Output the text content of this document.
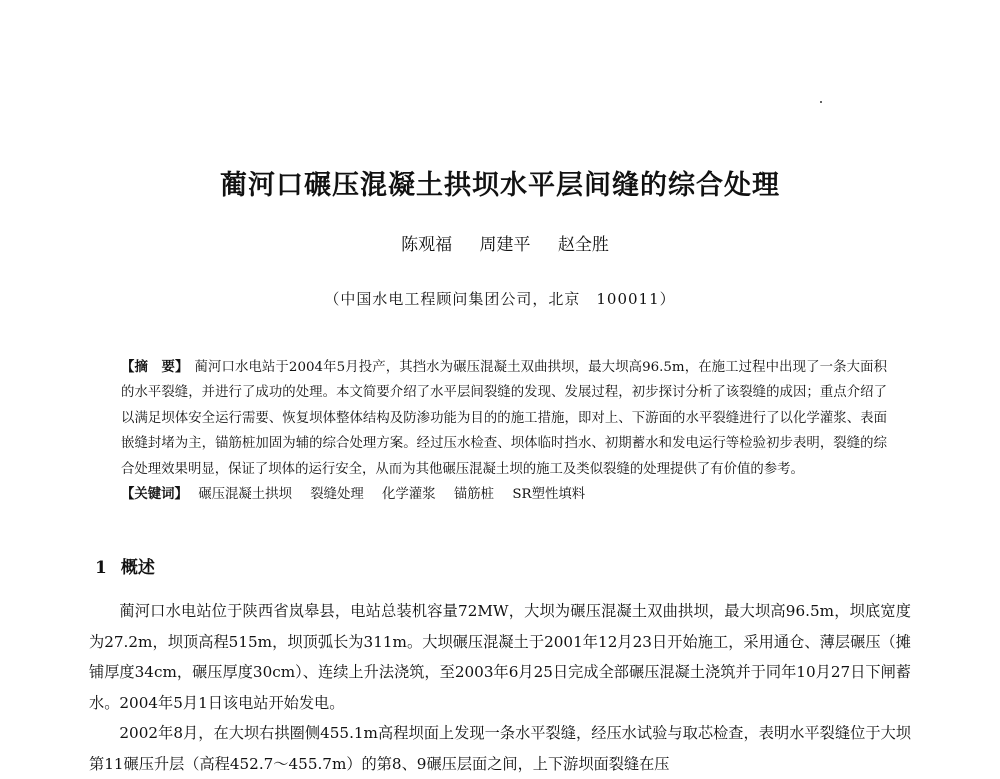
蔺河口碾压混凝土拱坝水平层间缝的综合处理
陈观福 周建平 赵全胜
（中国水电工程顾问集团公司，北京　100011）

【摘　要】 蔺河口水电站于2004年5月投产，其挡水为碾压混凝土双曲拱坝，最大坝高96.5m，在施工过程中出现了一条大面积的水平裂缝，并进行了成功的处理。本文简要介绍了水平层间裂缝的发现、发展过程，初步探讨分析了该裂缝的成因；重点介绍了以满足坝体安全运行需要、恢复坝体整体结构及防渗功能为目的的施工措施，即对上、下游面的水平裂缝进行了以化学灌浆、表面嵌缝封堵为主，锚筋桩加固为辅的综合处理方案。经过压水检查、坝体临时挡水、初期蓄水和发电运行等检验初步表明，裂缝的综合处理效果明显，保证了坝体的运行安全，从而为其他碾压混凝土坝的施工及类似裂缝的处理提供了有价值的参考。

【关键词】 碾压混凝土拱坝 裂缝处理 化学灌浆 锚筋桩 SR塑性填料

1 概述

蔺河口水电站位于陕西省岚皋县，电站总装机容量72MW，大坝为碾压混凝土双曲拱坝，最大坝高96.5m，坝底宽度为27.2m，坝顶高程515m，坝顶弧长为311m。大坝碾压混凝土于2001年12月23日开始施工，采用通仓、薄层碾压（摊铺厚度34cm，碾压厚度30cm）、连续上升法浇筑，至2003年6月25日完成全部碾压混凝土浇筑并于同年10月27日下闸蓄水。2004年5月1日该电站开始发电。

2002年8月，在大坝右拱圈侧455.1m高程坝面上发现一条水平裂缝，经压水试验与取芯检查，表明水平裂缝位于大坝第11碾压升层（高程452.7～455.7m）的第8、9碾压层面之间，上下游坝面裂缝在压
